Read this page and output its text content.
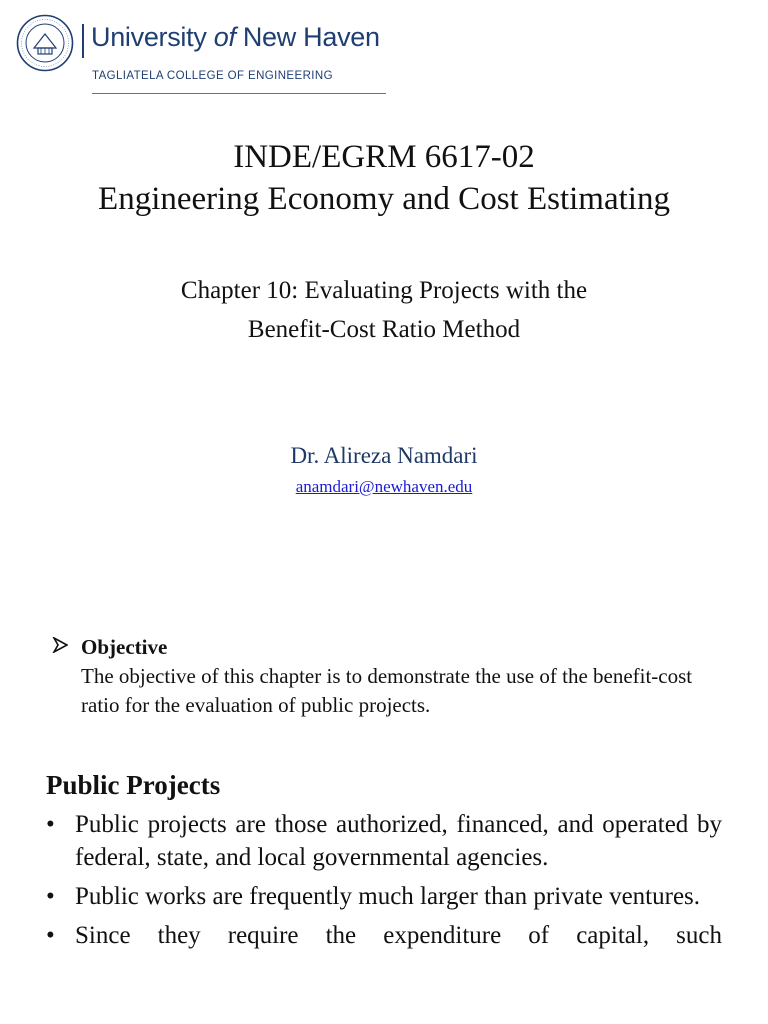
University of New Haven
TAGLIATELA COLLEGE OF ENGINEERING
INDE/EGRM 6617-02
Engineering Economy and Cost Estimating
Chapter 10: Evaluating Projects with the
Benefit-Cost Ratio Method
Dr. Alireza Namdari
anamdari@newhaven.edu
Objective
The objective of this chapter is to demonstrate the use of the benefit-cost ratio for the evaluation of public projects.
Public Projects
• Public projects are those authorized, financed, and operated by federal, state, and local governmental agencies.
• Public works are frequently much larger than private ventures.
• Since they require the expenditure of capital, such
